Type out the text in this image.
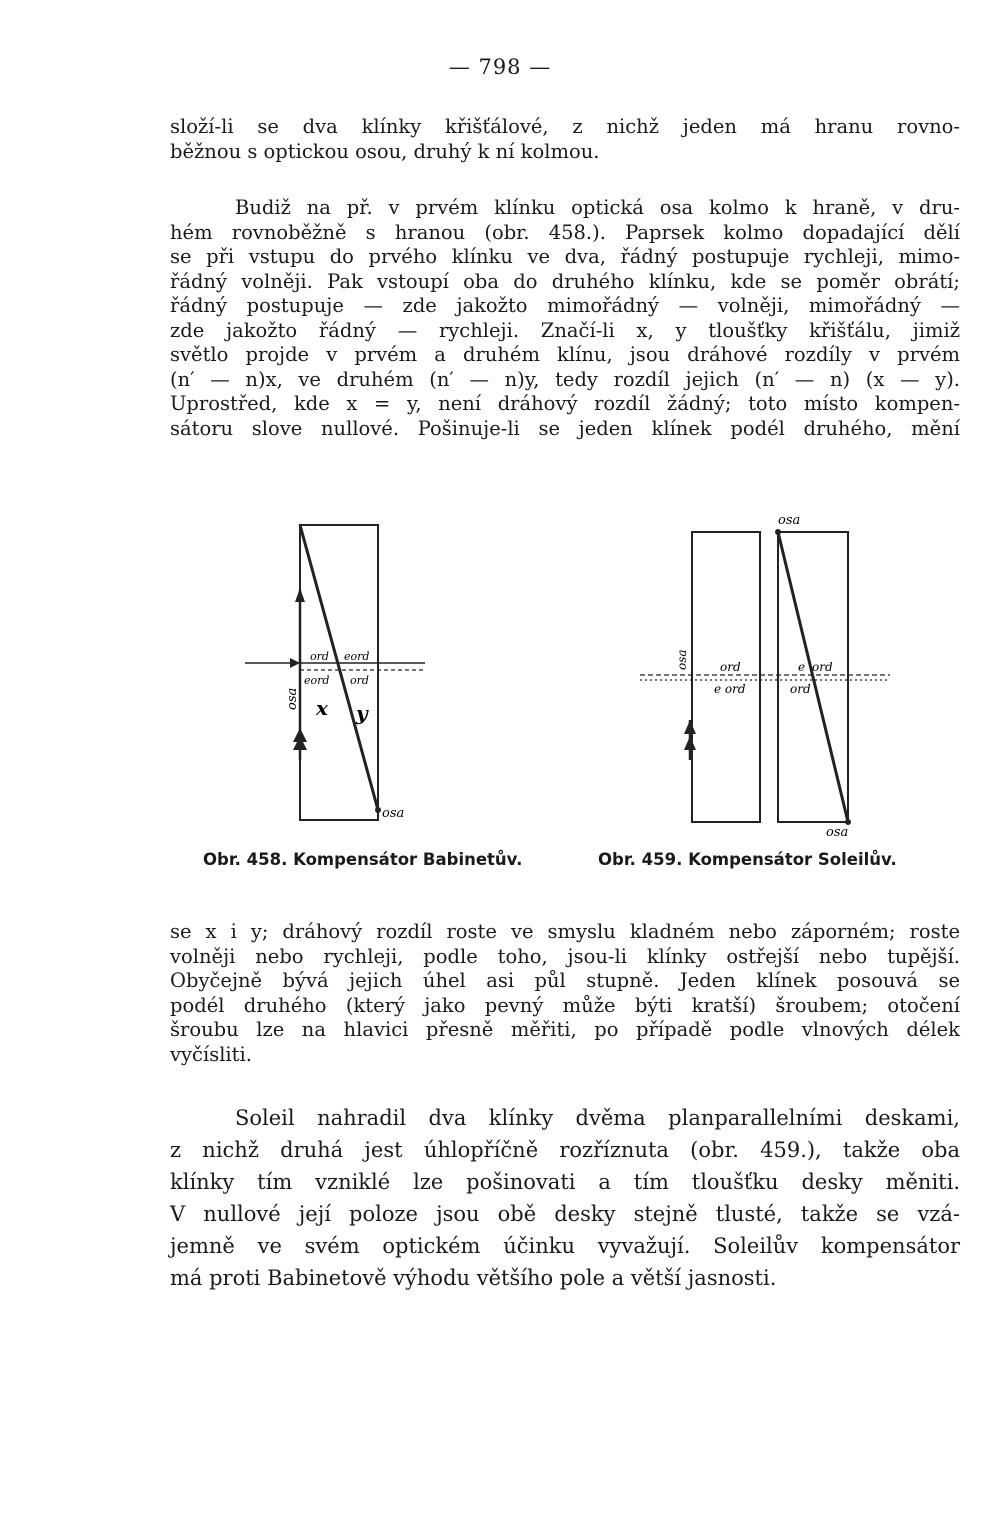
— 798 —

složí-li se dva klínky křišťálové, z nichž jeden má hranu rovno-
běžnou s optickou osou, druhý k ní kolmou.

Budiž na př. v prvém klínku optická osa kolmo k hraně, v dru-
hém rovnoběžně s hranou (obr. 458.). Paprsek kolmo dopadající dělí
se při vstupu do prvého klínku ve dva, řádný postupuje rychleji, mimo-
řádný volněji. Pak vstoupí oba do druhého klínku, kde se poměr obrátí;
řádný postupuje — zde jakožto mimořádný — volněji, mimořádný —
zde jakožto řádný — rychleji. Značí-li x, y tloušťky křišťálu, jimiž
světlo projde v prvém a druhém klínu, jsou dráhové rozdíly v prvém
(n′ — n)x, ve druhém (n′ — n)y, tedy rozdíl jejich (n′ — n) (x — y).
Uprostřed, kde x = y, není dráhový rozdíl žádný; toto místo kompen-
sátoru slove nullové. Pošinuje-li se jeden klínek podél druhého, mění

ord eord
eord ord
x y
osa
osa
osa
osa	ord
e ord
e ord
ord
osa
Obr. 458. Kompensátor Babinetův.	Obr. 459. Kompensátor Soleilův.

se x i y; dráhový rozdíl roste ve smyslu kladném nebo záporném; roste
volněji nebo rychleji, podle toho, jsou-li klínky ostřejší nebo tupější.
Obyčejně bývá jejich úhel asi půl stupně. Jeden klínek posouvá se
podél druhého (který jako pevný může býti kratší) šroubem; otočení
šroubu lze na hlavici přesně měřiti, po případě podle vlnových délek
vyčísliti.

Soleil nahradil dva klínky dvěma planparallelními deskami,
z nichž druhá jest úhlopříčně rozříznuta (obr. 459.), takže oba
klínky tím vzniklé lze pošinovati a tím tloušťku desky měniti.
V nullové její poloze jsou obě desky stejně tlusté, takže se vzá-
jemně ve svém optickém účinku vyvažují. Soleilův kompensátor
má proti Babinetově výhodu většího pole a větší jasnosti.
